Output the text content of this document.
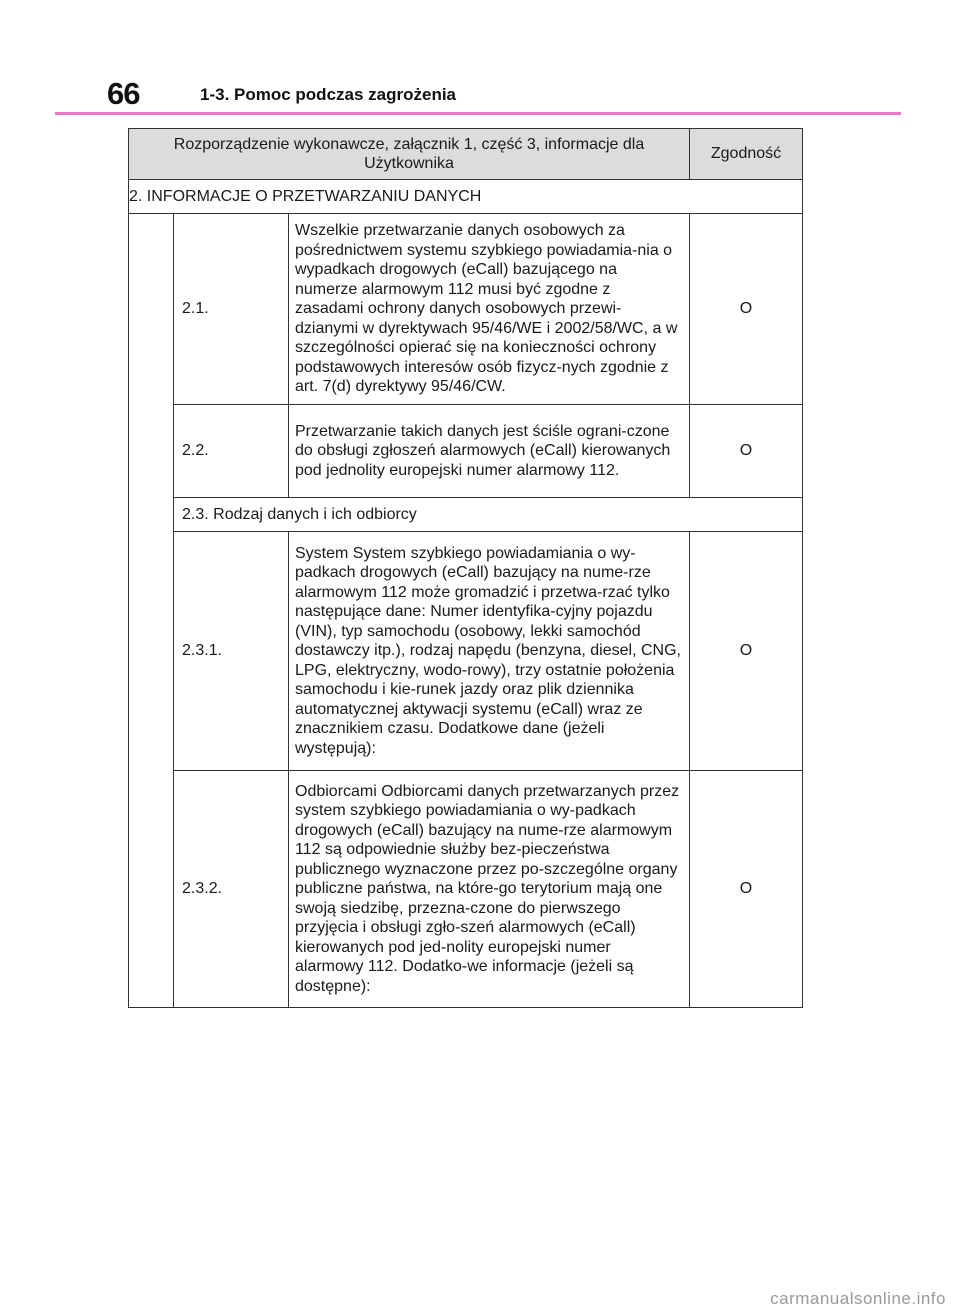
66	1-3. Pomoc podczas zagrożenia
Rozporządzenie wykonawcze, załącznik 1, część 3, informacje dla Użytkownika			Zgodność
2. INFORMACJE O PRZETWARZANIU DANYCH			
	2.1.	Wszelkie przetwarzanie danych osobowych za pośrednictwem systemu szybkiego powiadamia-nia o wypadkach drogowych (eCall) bazującego na numerze alarmowym 112 musi być zgodne z zasadami ochrony danych osobowych przewi-dzianymi w dyrektywach 95/46/WE i 2002/58/WC, a w szczególności opierać się na konieczności ochrony podstawowych interesów osób fizycz-nych zgodnie z art. 7(d) dyrektywy 95/46/CW.	O
	2.2.	Przetwarzanie takich danych jest ściśle ograni-czone do obsługi zgłoszeń alarmowych (eCall) kierowanych pod jednolity europejski numer alarmowy 112.	O
	2.3. Rodzaj danych i ich odbiorcy		
	2.3.1.	System System szybkiego powiadamiania o wy-padkach drogowych (eCall) bazujący na nume-rze alarmowym 112 może gromadzić i przetwa-rzać tylko następujące dane: Numer identyfika-cyjny pojazdu (VIN), typ samochodu (osobowy, lekki samochód dostawczy itp.), rodzaj napędu (benzyna, diesel, CNG, LPG, elektryczny, wodo-rowy), trzy ostatnie położenia samochodu i kie-runek jazdy oraz plik dziennika automatycznej aktywacji systemu (eCall) wraz ze znacznikiem czasu. Dodatkowe dane (jeżeli występują):	O
	2.3.2.	Odbiorcami Odbiorcami danych przetwarzanych przez system szybkiego powiadamiania o wy-padkach drogowych (eCall) bazujący na nume-rze alarmowym 112 są odpowiednie służby bez-pieczeństwa publicznego wyznaczone przez po-szczególne organy publiczne państwa, na które-go terytorium mają one swoją siedzibę, przezna-czone do pierwszego przyjęcia i obsługi zgło-szeń alarmowych (eCall) kierowanych pod jed-nolity europejski numer alarmowy 112. Dodatko-we informacje (jeżeli są dostępne):	O
carmanualsonline.info
